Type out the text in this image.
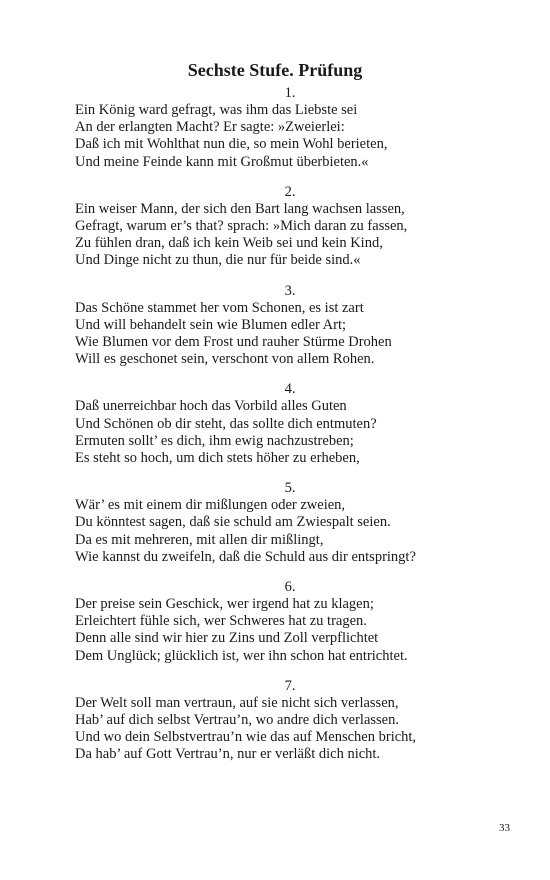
Sechste Stufe. Prüfung
1.
Ein König ward gefragt, was ihm das Liebste sei
An der erlangten Macht? Er sagte: »Zweierlei:
Daß ich mit Wohlthat nun die, so mein Wohl berieten,
Und meine Feinde kann mit Großmut überbieten.«
2.
Ein weiser Mann, der sich den Bart lang wachsen lassen,
Gefragt, warum er’s that? sprach: »Mich daran zu fassen,
Zu fühlen dran, daß ich kein Weib sei und kein Kind,
Und Dinge nicht zu thun, die nur für beide sind.«
3.
Das Schöne stammet her vom Schonen, es ist zart
Und will behandelt sein wie Blumen edler Art;
Wie Blumen vor dem Frost und rauher Stürme Drohen
Will es geschonet sein, verschont von allem Rohen.
4.
Daß unerreichbar hoch das Vorbild alles Guten
Und Schönen ob dir steht, das sollte dich entmuten?
Ermuten sollt’ es dich, ihm ewig nachzustreben;
Es steht so hoch, um dich stets höher zu erheben,
5.
Wär’ es mit einem dir mißlungen oder zweien,
Du könntest sagen, daß sie schuld am Zwiespalt seien.
Da es mit mehreren, mit allen dir mißlingt,
Wie kannst du zweifeln, daß die Schuld aus dir entspringt?
6.
Der preise sein Geschick, wer irgend hat zu klagen;
Erleichtert fühle sich, wer Schweres hat zu tragen.
Denn alle sind wir hier zu Zins und Zoll verpflichtet
Dem Unglück; glücklich ist, wer ihn schon hat entrichtet.
7.
Der Welt soll man vertraun, auf sie nicht sich verlassen,
Hab’ auf dich selbst Vertrau’n, wo andre dich verlassen.
Und wo dein Selbstvertrau’n wie das auf Menschen bricht,
Da hab’ auf Gott Vertrau’n, nur er verläßt dich nicht.
33
